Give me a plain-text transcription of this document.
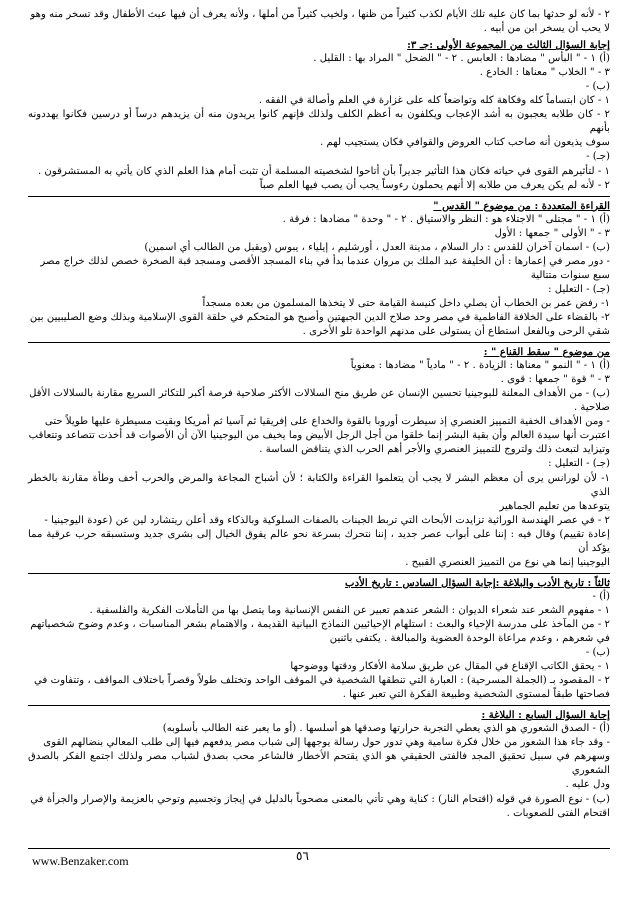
٢ - لأنه لو حدثها بما كان عليه تلك الأيام لكذب كثيراً من ظنها ، ولخيب كثيراً من أملها ، ولأنه يعرف أن فيها عبث الأطفال وقد تسخر منه وهو

لا يحب أن يسخر ابن من أبيه .

إجابة السؤال الثالث من المجموعة الأولى :جـ ٣:

(أ) ١ - " البأس " مضادها : العابس . ٢ - " الضحل " المراد بها : القليل .

٣ - " الخلاب " معناها : الخادع .

(ب) -

١ - كان ابتساماً كله وفكاهة كله وتواضعاً كله على غزارة في العلم وأصالة في الفقه .

٢ - كان طلابه يعجبون به أشد الإعجاب ويكلفون به أعظم الكلف ولذلك فإنهم كانوا يريدون منه أن يزيدهم درساً أو درسين فكانوا يهددونه بأنهم

سوف يذيعون أنه صاحب كتاب العروض والقوافي فكان يستجيب لهم .

(جـ) -

١ - لتأثيرهم القوى في حياته فكان هذا التأثير جديراً بأن أتاحوا لشخصيته المسلمة أن تثبت أمام هذا العلم الذي كان يأتي به المستشرقون .

٢ - لأنه لم يكن يعرف من طلابه إلا أنهم يحملون رءوساً يجب أن يصب فيها العلم صباً

القراءة المتعددة : من موضوع " القدس "

(أ) ١ - " مجتلى " الاجتلاء هو : النظر والاستياق . ٢ - " وحدة " مضادها : فرقة .

٣ - " الأولى " جمعها : الأول

(ب) - اسمان آخران للقدس : دار السلام ، مدينة العدل ، أورشليم ، إيلياء ، يبوس (ويقبل من الطالب أي اسمين)

- دور مصر في إعمارها : أن الخليفة عبد الملك بن مروان عندما بدأ في بناء المسجد الأقصى ومسجد قبة الصخرة خصص لذلك خراج مصر

سبع سنوات متتالية

(جـ) - التعليل :

١- رفض عمر بن الخطاب أن يصلي داخل كنيسة القيامة حتى لا يتخذها المسلمون من بعده مسجداً

٢- بالقضاء على الخلافة الفاطمية في مصر وحد صلاح الدين الجبهتين وأصبح هو المتحكم في حلقة القوى الإسلامية وبذلك وضع الصليبيين بين

شقي الرحى وبالفعل استطاع أن يستولى على مدنهم الواحدة تلو الأخرى .

من موضوع " سقط القناع " :

(أ) ١ - " النمو " معناها : الزيادة . ٢ - " مادياً " مضادها : معنوياً

٣ - " قوة " جمعها : قوى .

(ب) - من الأهداف المعلنة للبوجينيا تحسين الإنسان عن طريق منح السلالات الأكثر صلاحية فرصة أكبر للتكاثر السريع مقارنة بالسلالات الأقل

صلاحية .

- ومن الأهداف الخفية التمييز العنصري إذ سيطرت أوروبا بالقوة والخداع على إفريقيا ثم آسيا ثم أمريكا وبقيت مسيطرة عليها طويلاً حتى

اعتبرت أنها سيدة العالم وأن بقية البشر إنما خلقوا من أجل الرجل الأبيض وما يخيف من اليوجينيا الآن أن الأصوات قد أخذت تتصاعد وتتعاقب

وتيزايد لتبعث ذلك ولتروج للتمييز العنصري والأجر أهم الحرب الذي يتناقض الساسة .

(جـ) - التعليل :

١- لأن لورانس يرى أن معظم البشر لا يجب أن يتعلموا القراءة والكتابة ؛ لأن أشباح المجاعة والمرض والحرب أخف وطأة مقارنة بالخطر الذي

يتوعدها من تعليم الجماهير

٢ - في عصر الهندسة الوراثية تزايدت الأبحاث التي تربط الجينات بالصفات السلوكية وبالذكاء وقد أعلن ريتشارد لين عن (عودة اليوجينيا -

إعادة تقييم) وقال فيه : إننا على أبواب عصر جديد ، إننا نتحرك بسرعة نحو عالم يفوق الخيال إلى بشرى جديد وستسبقه حرب عرقية مما يؤكد أن

اليوجينيا إنما هي نوع من التمييز العنصري القبيح .

ثالثاً : تاريخ الأدب والبلاغة :إجابة السؤال السادس : تاريخ الأدب

(أ) -

١ - مفهوم الشعر عند شعراء الديوان : الشعر عندهم تعبير عن النفس الإنسانية وما يتصل بها من التأملات الفكرية والفلسفية .

٢ - من المآخذ على مدرسة الإحياء والبعث : استلهام الإحيائيين النماذج البيانية القديمة ، والاهتمام بشعر المناسبات ، وعدم وضوح شخصياتهم

في شعرهم ، وعدم مراعاة الوحدة العضوية والمبالغة . يكتفى باثنين

(ب) -

١ - يحقق الكاتب الإقناع في المقال عن طريق سلامة الأفكار ودقتها ووضوحها

٢ - المقصود بـ (الجملة المسرحية) : العبارة التي تنطقها الشخصية في الموقف الواحد وتختلف طولاً وقصراً باختلاف المواقف ، وتتفاوت في

فصاحتها طبقاً لمستوى الشخصية وطبيعة الفكرة التي تعبر عنها .

إجابة السؤال السابع : البلاغة :

(أ) - الصدق الشعوري هو الذي يعطي التجربة حرارتها وصدقها هو أسلسها . (أو ما يعبر عنه الطالب بأسلوبه)

- وقد جاء هذا الشعور من خلال فكرة سامية وهي تدور حول رسالة يوجهها إلى شباب مصر يدفعهم فيها إلى طلب المعالي بنضالهم القوى

وسهرهم في سبيل تحقيق المجد فالفتى الحقيقي هو الذي يقتحم الأخطار فالشاعر محب بصدق لشباب مصر ولذلك اجتمع الفكر بالصدق الشعوري

ودل عليه .

(ب) - نوع الصورة في قوله (اقتحام النار) : كناية وهي تأتي بالمعنى مصحوباً بالدليل في إيجاز وتجسيم وتوحي بالعزيمة والإصرار والجرأة في

اقتحام الفتى للصعوبات .

www.Benzaker.com	٥٦
